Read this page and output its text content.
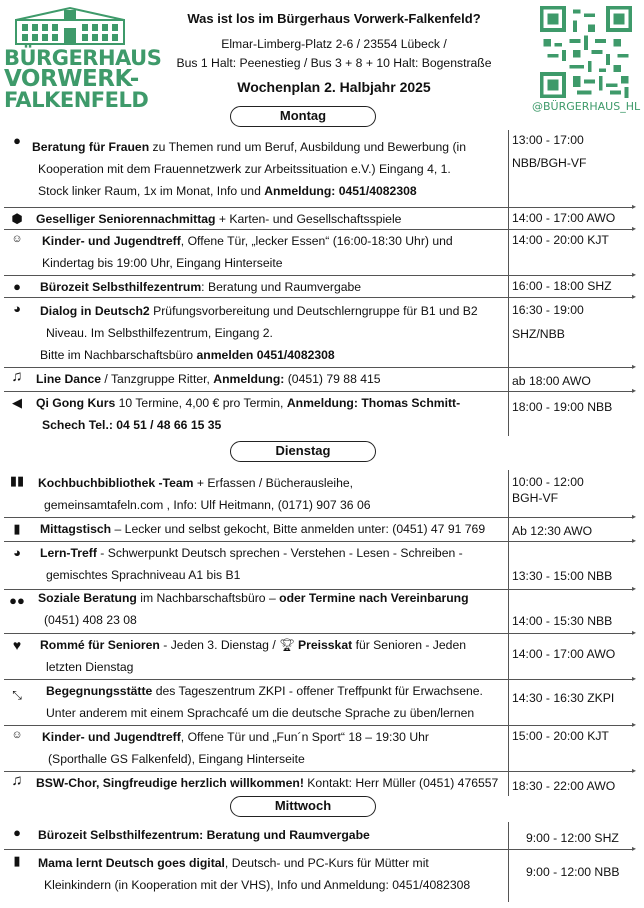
BÜRGERHAUS
VORWERK-
FALKENFELD	@BÜRGERHAUS_HL
Was ist los im Bürgerhaus Vorwerk-Falkenfeld?
Elmar-Limberg-Platz 2-6 / 23554 Lübeck /
Bus 1 Halt: Peenestieg / Bus 3 + 8 + 10 Halt: Bogenstraße
Wochenplan 2. Halbjahr 2025
Montag
▸
● Beratung für Frauen zu Themen rund um Beruf, Ausbildung und Bewerbung (in
Kooperation mit dem Frauennetzwerk zur Arbeitssituation e.V.) Eingang 4, 1.
Stock linker Raum, 1x im Monat, Info und Anmeldung: 0451/4082308
13:00 - 17:00
NBB/BGH-VF
▸
⬢	Geselliger Seniorennachmittag + Karten- und Gesellschaftsspiele	14:00 - 17:00 AWO
▸
☺	Kinder- und Jugendtreff, Offene Tür, „lecker Essen“ (16:00-18:30 Uhr) und
Kindertag bis 19:00 Uhr, Eingang Hinterseite
14:00 - 20:00 KJT
▸
●	Bürozeit Selbsthilfezentrum: Beratung und Raumvergabe	16:00 - 18:00 SHZ
▸
◕	Dialog in Deutsch2 Prüfungsvorbereitung und Deutschlerngruppe für B1 und B2
Niveau. Im Selbsthilfezentrum, Eingang 2.
Bitte im Nachbarschaftsbüro anmelden 0451/4082308
16:30 - 19:00
SHZ/NBB
▸
♫	Line Dance / Tanzgruppe Ritter, Anmeldung: (0451) 79 88 415	ab 18:00 AWO
◀	Qi Gong Kurs 10 Termine, 4,00 € pro Termin, Anmeldung: Thomas Schmitt-
Schech Tel.: 04 51 / 48 66 15 35
18:00 - 19:00 NBB
Dienstag
▸
▮▮	Kochbuchbibliothek -Team + Erfassen / Bücherausleihe,
gemeinsamtafeln.com , Info: Ulf Heitmann, (0171) 907 36 06
10:00 - 12:00
BGH-VF
▸
▮	Mittagstisch – Lecker und selbst gekocht, Bitte anmelden unter: (0451) 47 91 769	Ab 12:30 AWO
▸
◕	Lern-Treff - Schwerpunkt Deutsch sprechen - Verstehen - Lesen - Schreiben -
gemischtes Sprachniveau A1 bis B1	13:30 - 15:00 NBB
▸
●●	Soziale Beratung im Nachbarschaftsbüro – oder Termine nach Vereinbarung
(0451) 408 23 08	14:00 - 15:30 NBB
▸
♥	Rommé für Senioren - Jeden 3. Dienstag / 🏆︎ Preisskat für Senioren - Jeden
letzten Dienstag
14:00 - 17:00 AWO
▸
⤡	Begegnungsstätte des Tageszentrum ZKPI - offener Treffpunkt für Erwachsene.
Unter anderem mit einem Sprachcafé um die deutsche Sprache zu üben/lernen
14:30 - 16:30 ZKPI
▸
☺	Kinder- und Jugendtreff, Offene Tür und „Fun´n Sport“ 18 – 19:30 Uhr
(Sporthalle GS Falkenfeld), Eingang Hinterseite
15:00 - 20:00 KJT
♫	BSW-Chor, Singfreudige herzlich willkommen! Kontakt: Herr Müller (0451) 476557	18:30 - 22:00 AWO
Mittwoch
▸
●	Bürozeit Selbsthilfezentrum: Beratung und Raumvergabe	9:00 - 12:00 SHZ
▮	Mama lernt Deutsch goes digital, Deutsch- und PC-Kurs für Mütter mit
Kleinkindern (in Kooperation mit der VHS), Info und Anmeldung: 0451/4082308
9:00 - 12:00 NBB
